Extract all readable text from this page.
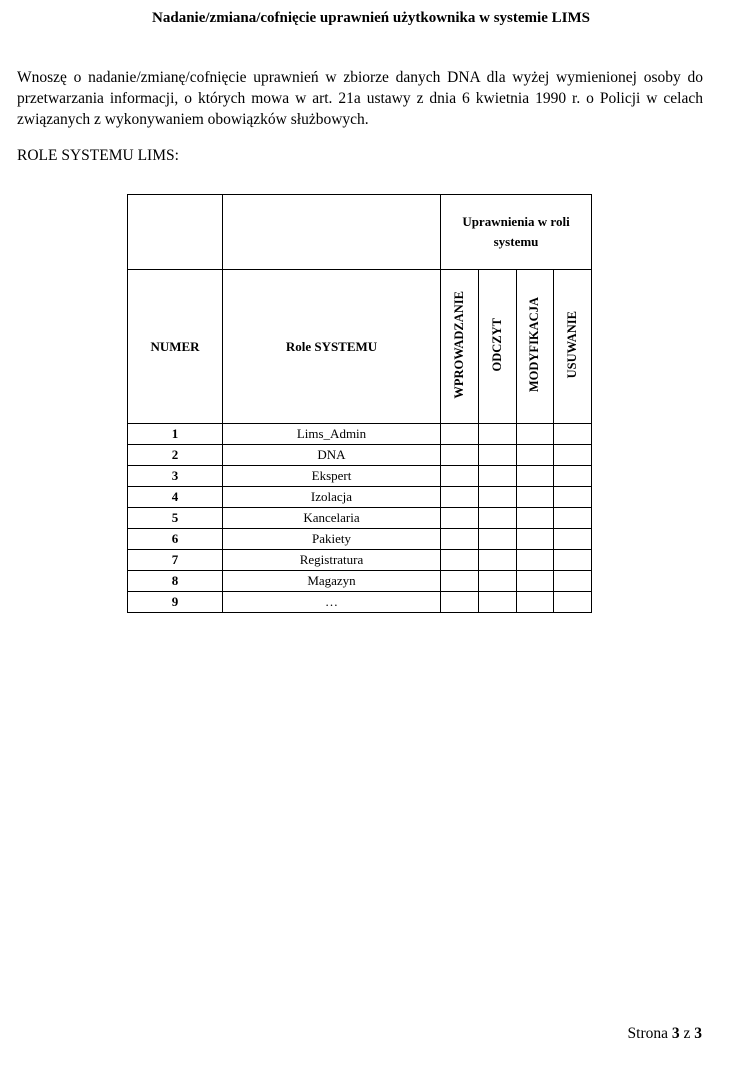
Nadanie/zmiana/cofnięcie uprawnień użytkownika w systemie LIMS
Wnoszę o nadanie/zmianę/cofnięcie uprawnień w zbiorze danych DNA dla wyżej wymienionej osoby do przetwarzania informacji, o których mowa w art. 21a ustawy z dnia 6 kwietnia 1990 r. o Policji w celach związanych z wykonywaniem obowiązków służbowych.
ROLE SYSTEMU LIMS:
		Uprawnienia w roli systemu			
NUMER	Role SYSTEMU	WPROWADZANIE	ODCZYT	MODYFIKACJA	USUWANIE
1	Lims_Admin				
2	DNA				
3	Ekspert				
4	Izolacja				
5	Kancelaria				
6	Pakiety				
7	Registratura				
8	Magazyn				
9	…				
Strona 3 z 3
